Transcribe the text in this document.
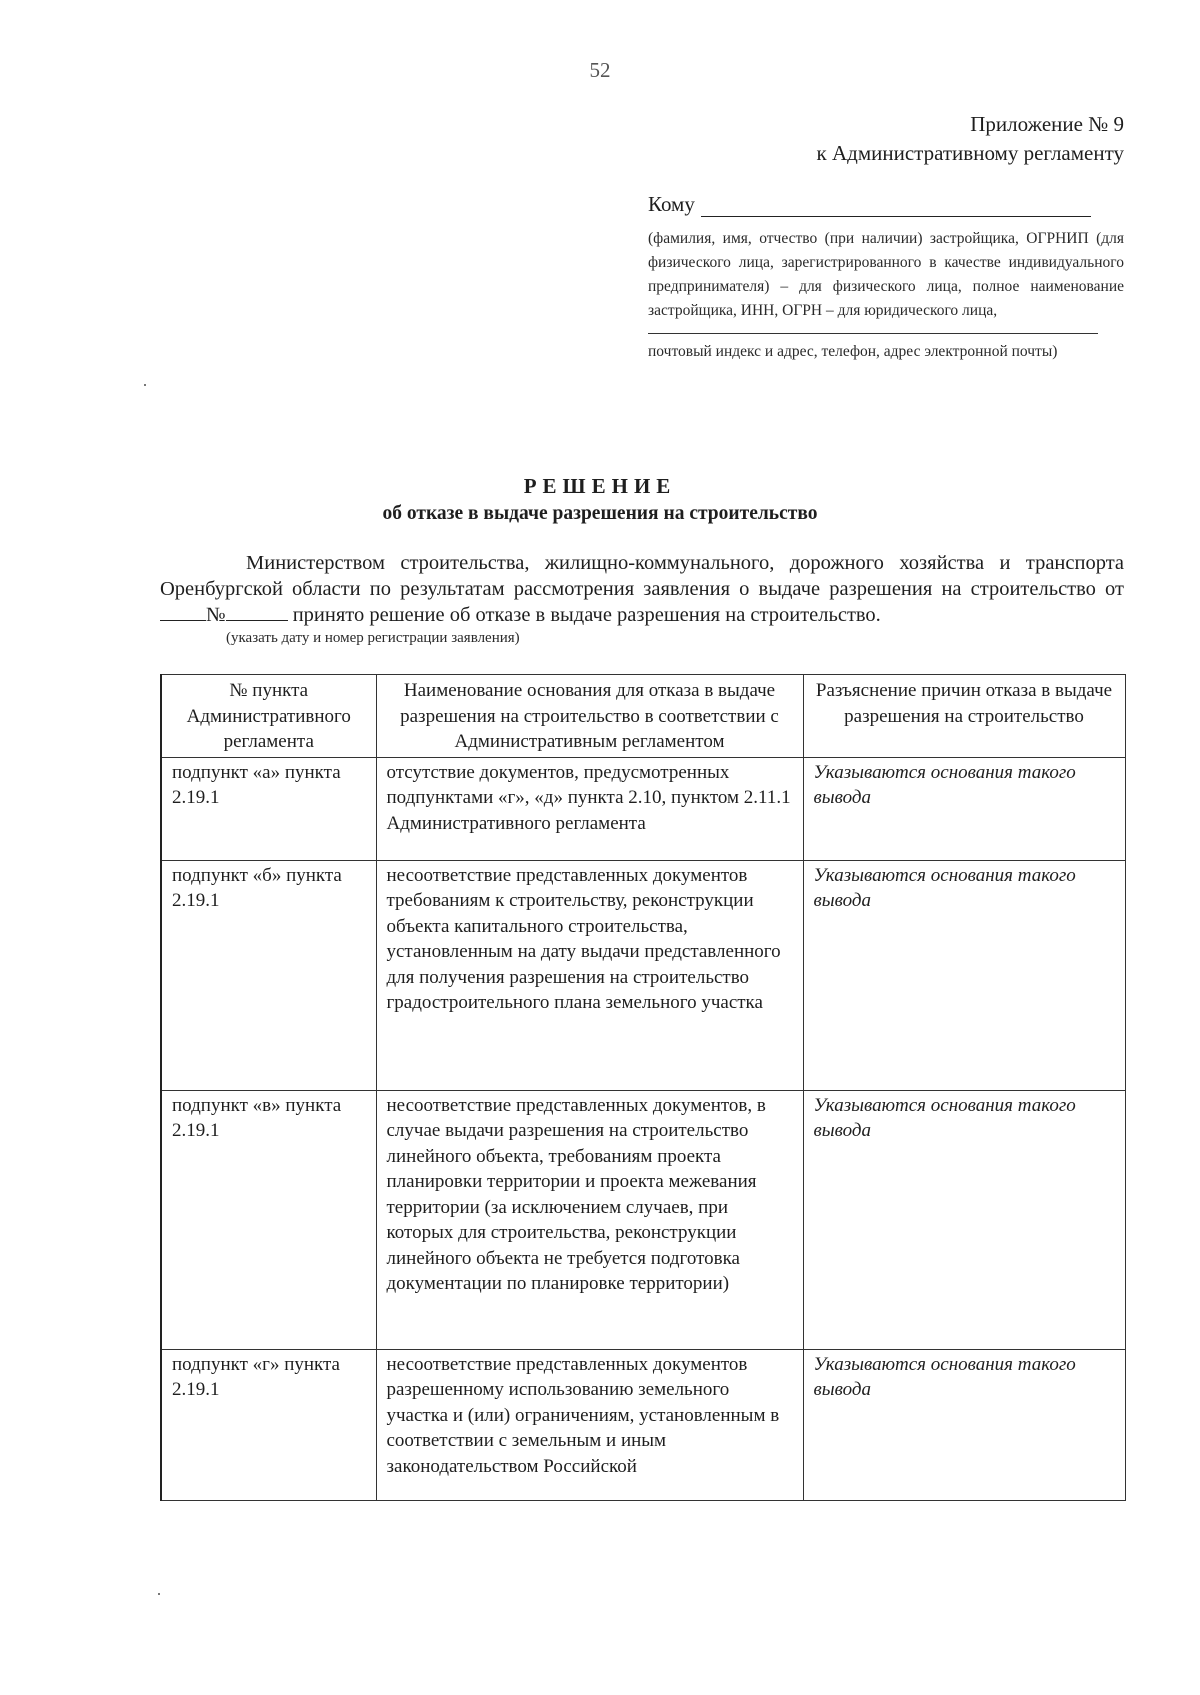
52
Приложение № 9
к Административному регламенту
Кому
(фамилия, имя, отчество (при наличии) застройщика, ОГРНИП (для физического лица, зарегистрированного в качестве индивидуального предпринимателя) – для физического лица, полное наименование застройщика, ИНН, ОГРН – для юридического лица,
почтовый индекс и адрес, телефон, адрес электронной почты)
РЕШЕНИЕ
об отказе в выдаче разрешения на строительство
Министерством строительства, жилищно-коммунального, дорожного хозяйства и транспорта Оренбургской области по результатам рассмотрения заявления о выдаче разрешения на строительство от№	принято решение об отказе в выдаче разрешения на строительство.
(указать дату и номер регистрации заявления)
№ пункта Административного регламента	Наименование основания для отказа в выдаче разрешения на строительство в соответствии с Административным регламентом	Разъяснение причин отказа в выдаче разрешения на строительство
подпункт «а» пункта 2.19.1	отсутствие документов, предусмотренных подпунктами «г», «д» пункта 2.10, пунктом 2.11.1 Административного регламента	Указываются основания такого вывода
подпункт «б» пункта 2.19.1	несоответствие представленных документов требованиям к строительству, реконструкции объекта капитального строительства, установленным на дату выдачи представленного для получения разрешения на строительство градостроительного плана земельного участка	Указываются основания такого вывода
подпункт «в» пункта 2.19.1	несоответствие представленных документов, в случае выдачи разрешения на строительство линейного объекта, требованиям проекта планировки территории и проекта межевания территории (за исключением случаев, при которых для строительства, реконструкции линейного объекта не требуется подготовка документации по планировке территории)	Указываются основания такого вывода
подпункт «г» пункта 2.19.1	несоответствие представленных документов разрешенному использованию земельного участка и (или) ограничениям, установленным в соответствии с земельным и иным законодательством Российской	Указываются основания такого вывода
